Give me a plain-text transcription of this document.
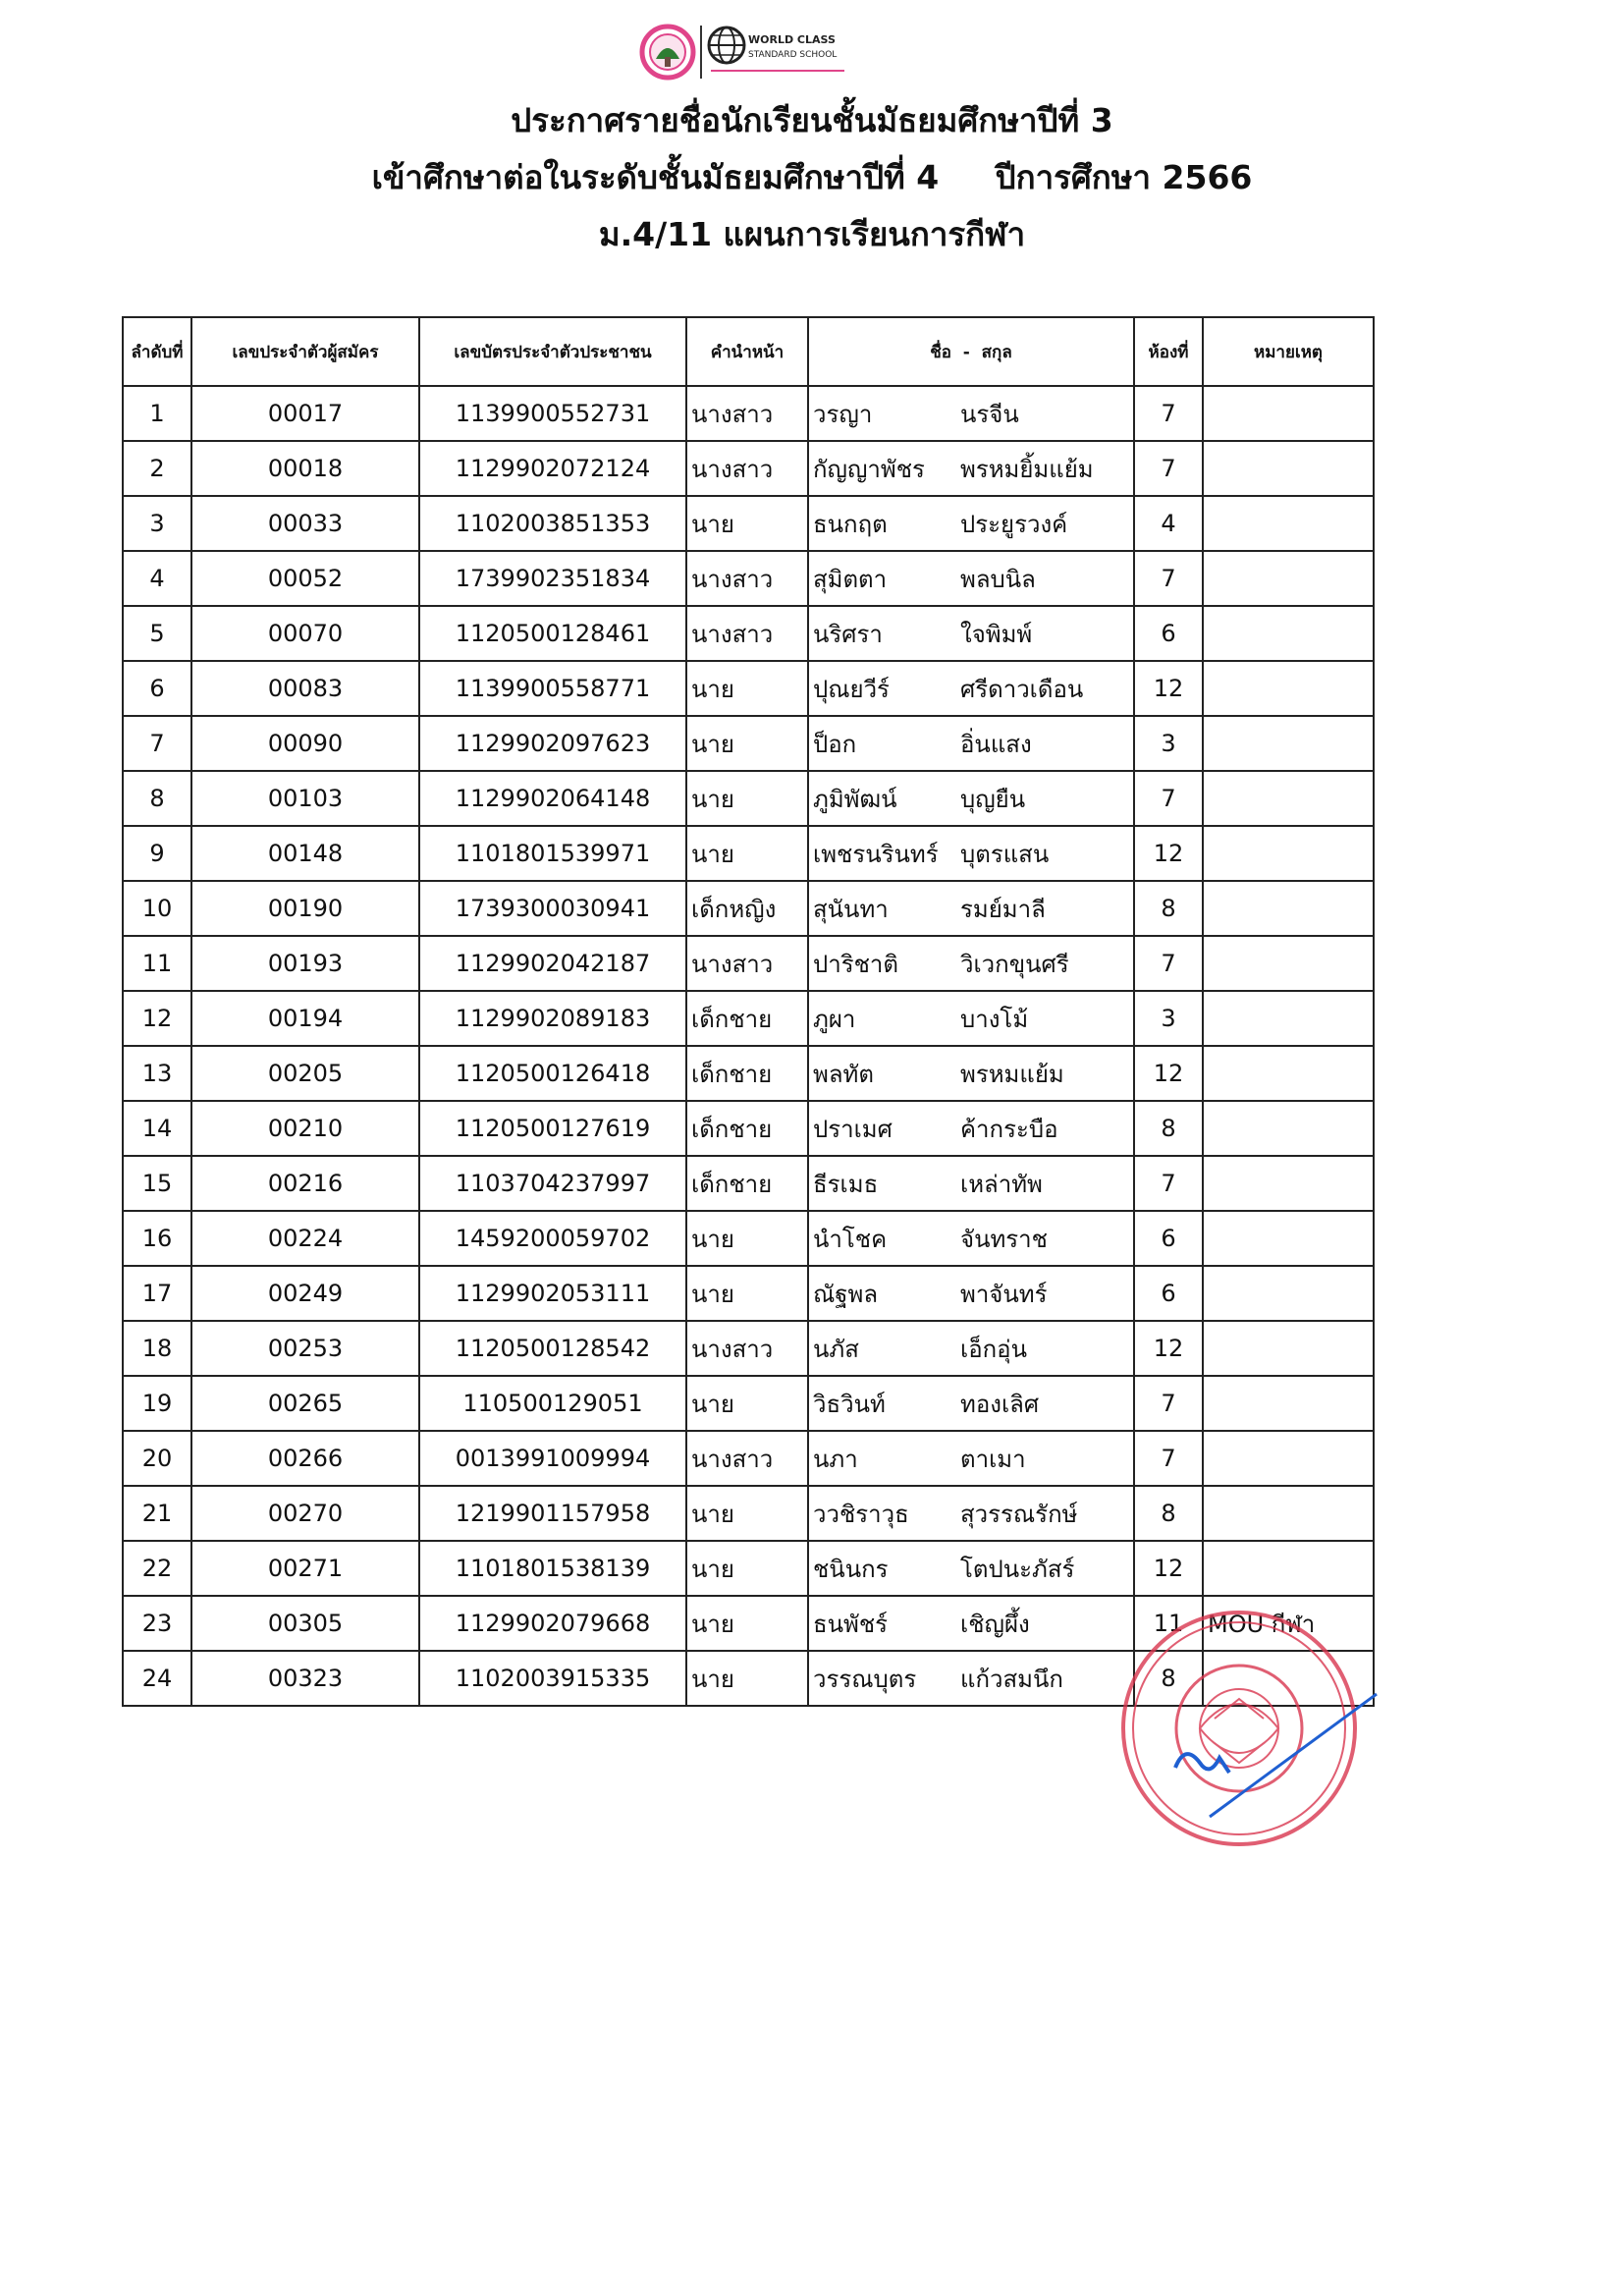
WORLD CLASS
STANDARD SCHOOL
ประกาศรายชื่อนักเรียนชั้นมัธยมศึกษาปีที่ 3
เข้าศึกษาต่อในระดับชั้นมัธยมศึกษาปีที่ 4     ปีการศึกษา 2566
ม.4/11 แผนการเรียนการกีฬา
ลำดับที่	เลขประจำตัวผู้สมัคร	เลขบัตรประจำตัวประชาชน	คำนำหน้า	ชื่อ  -  สกุล	ห้องที่	หมายเหตุ
1	00017	1139900552731	นางสาว	วรญา นรจีน	7	
2	00018	1129902072124	นางสาว	กัญญาพัชร พรหมยิ้มแย้ม	7	
3	00033	1102003851353	นาย	ธนกฤต ประยูรวงค์	4	
4	00052	1739902351834	นางสาว	สุมิตตา พลบนิล	7	
5	00070	1120500128461	นางสาว	นริศรา ใจพิมพ์	6	
6	00083	1139900558771	นาย	ปุณยวีร์ ศรีดาวเดือน	12	
7	00090	1129902097623	นาย	ป็อก อิ่นแสง	3	
8	00103	1129902064148	นาย	ภูมิพัฒน์ บุญยืน	7	
9	00148	1101801539971	นาย	เพชรนรินทร์ บุตรแสน	12	
10	00190	1739300030941	เด็กหญิง	สุนันทา รมย์มาลี	8	
11	00193	1129902042187	นางสาว	ปาริชาติ วิเวกขุนศรี	7	
12	00194	1129902089183	เด็กชาย	ภูผา บางโม้	3	
13	00205	1120500126418	เด็กชาย	พลทัต พรหมแย้ม	12	
14	00210	1120500127619	เด็กชาย	ปราเมศ ค้ากระบือ	8	
15	00216	1103704237997	เด็กชาย	ธีรเมธ เหล่าทัพ	7	
16	00224	1459200059702	นาย	นำโชค จันทราช	6	
17	00249	1129902053111	นาย	ณัฐพล พาจันทร์	6	
18	00253	1120500128542	นางสาว	นภัส เอ็กอุ่น	12	
19	00265	110500129051	นาย	วิธวินท์ ทองเลิศ	7	
20	00266	0013991009994	นางสาว	นภา ตาเมา	7	
21	00270	1219901157958	นาย	ววชิราวุธ สุวรรณรักษ์	8	
22	00271	1101801538139	นาย	ชนินกร โตปนะภัสร์	12	
23	00305	1129902079668	นาย	ธนพัชร์ เชิญผึ้ง	11	MOU กีฬา
24	00323	1102003915335	นาย	วรรณบุตร แก้วสมนึก	8	
